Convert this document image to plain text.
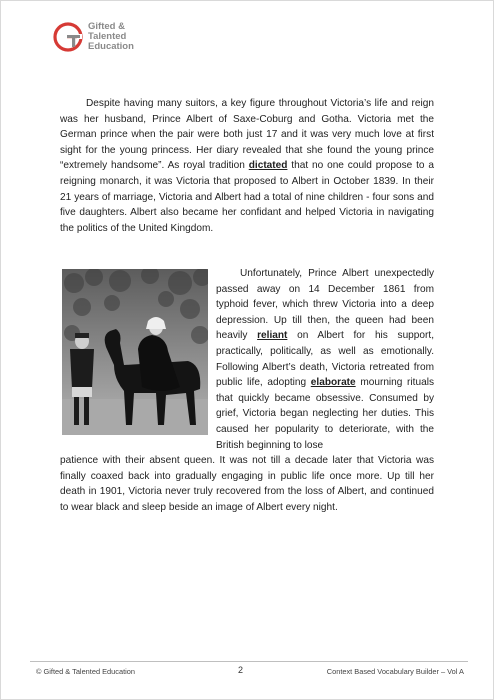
Gifted &
Talented
Education
Despite having many suitors, a key figure throughout Victoria’s life and reign was her husband, Prince Albert of Saxe-Coburg and Gotha. Victoria met the German prince when the pair were both just 17 and it was very much love at first sight for the young princess. Her diary revealed that she found the young prince “extremely handsome”. As royal tradition dictated that no one could propose to a reigning monarch, it was Victoria that proposed to Albert in October 1839. In their 21 years of marriage, Victoria and Albert had a total of nine children - four sons and five daughters. Albert also became her confidant and helped Victoria in navigating the politics of the United Kingdom.
Unfortunately, Prince Albert unexpectedly passed away on 14 December 1861 from typhoid fever, which threw Victoria into a deep depression. Up till then, the queen had been heavily reliant on Albert for his support, practically, politically, as well as emotionally. Following Albert’s death, Victoria retreated from public life, adopting elaborate mourning rituals that quickly became obsessive. Consumed by grief, Victoria began neglecting her duties. This caused her popularity to deteriorate, with the British beginning to lose
patience with their absent queen. It was not till a decade later that Victoria was finally coaxed back into gradually engaging in public life once more. Up till her death in 1901, Victoria never truly recovered from the loss of Albert, and continued to wear black and sleep beside an image of Albert every night.
© Gifted & Talented Education	2	Context Based Vocabulary Builder – Vol A
